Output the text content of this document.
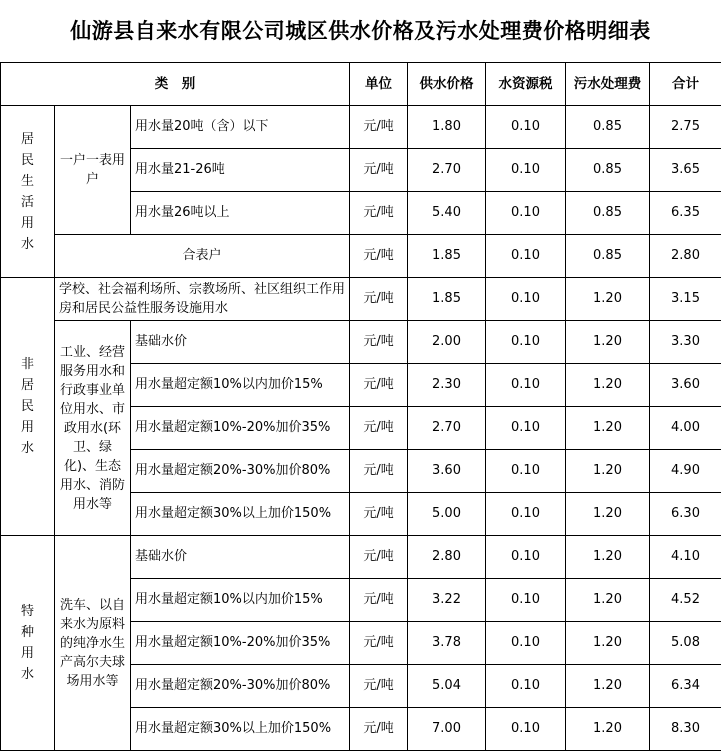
仙游县自来水有限公司城区供水价格及污水处理费价格明细表
类　别			单位	供水价格	水资源税	污水处理费	合计

居民生活用水	一户一表用户	用水量20吨（含）以下	元/吨	1.80	0.10	0.85	2.75
		用水量21-26吨	元/吨	2.70	0.10	0.85	3.65
		用水量26吨以上	元/吨	5.40	0.10	0.85	6.35
	合表户		元/吨	1.85	0.10	0.85	2.80

非居民用水	学校、社会福利场所、宗教场所、社区组织工作用房和居民公益性服务设施用水		元/吨	1.85	0.10	1.20	3.15

	工业、经营服务用水和行政事业单位用水、市政用水(环卫、绿化)、生态用水、消防用水等	基础水价	元/吨	2.00	0.10	1.20	3.30
		用水量超定额10%以内加价15%	元/吨	2.30	0.10	1.20	3.60
		用水量超定额10%-20%加价35%	元/吨	2.70	0.10	1.20	4.00
		用水量超定额20%-30%加价80%	元/吨	3.60	0.10	1.20	4.90
		用水量超定额30%以上加价150%	元/吨	5.00	0.10	1.20	6.30

特种用水	洗车、以自来水为原料的纯净水生产高尔夫球场用水等	基础水价	元/吨	2.80	0.10	1.20	4.10
		用水量超定额10%以内加价15%	元/吨	3.22	0.10	1.20	4.52
		用水量超定额10%-20%加价35%	元/吨	3.78	0.10	1.20	5.08
		用水量超定额20%-30%加价80%	元/吨	5.04	0.10	1.20	6.34
		用水量超定额30%以上加价150%	元/吨	7.00	0.10	1.20	8.30
